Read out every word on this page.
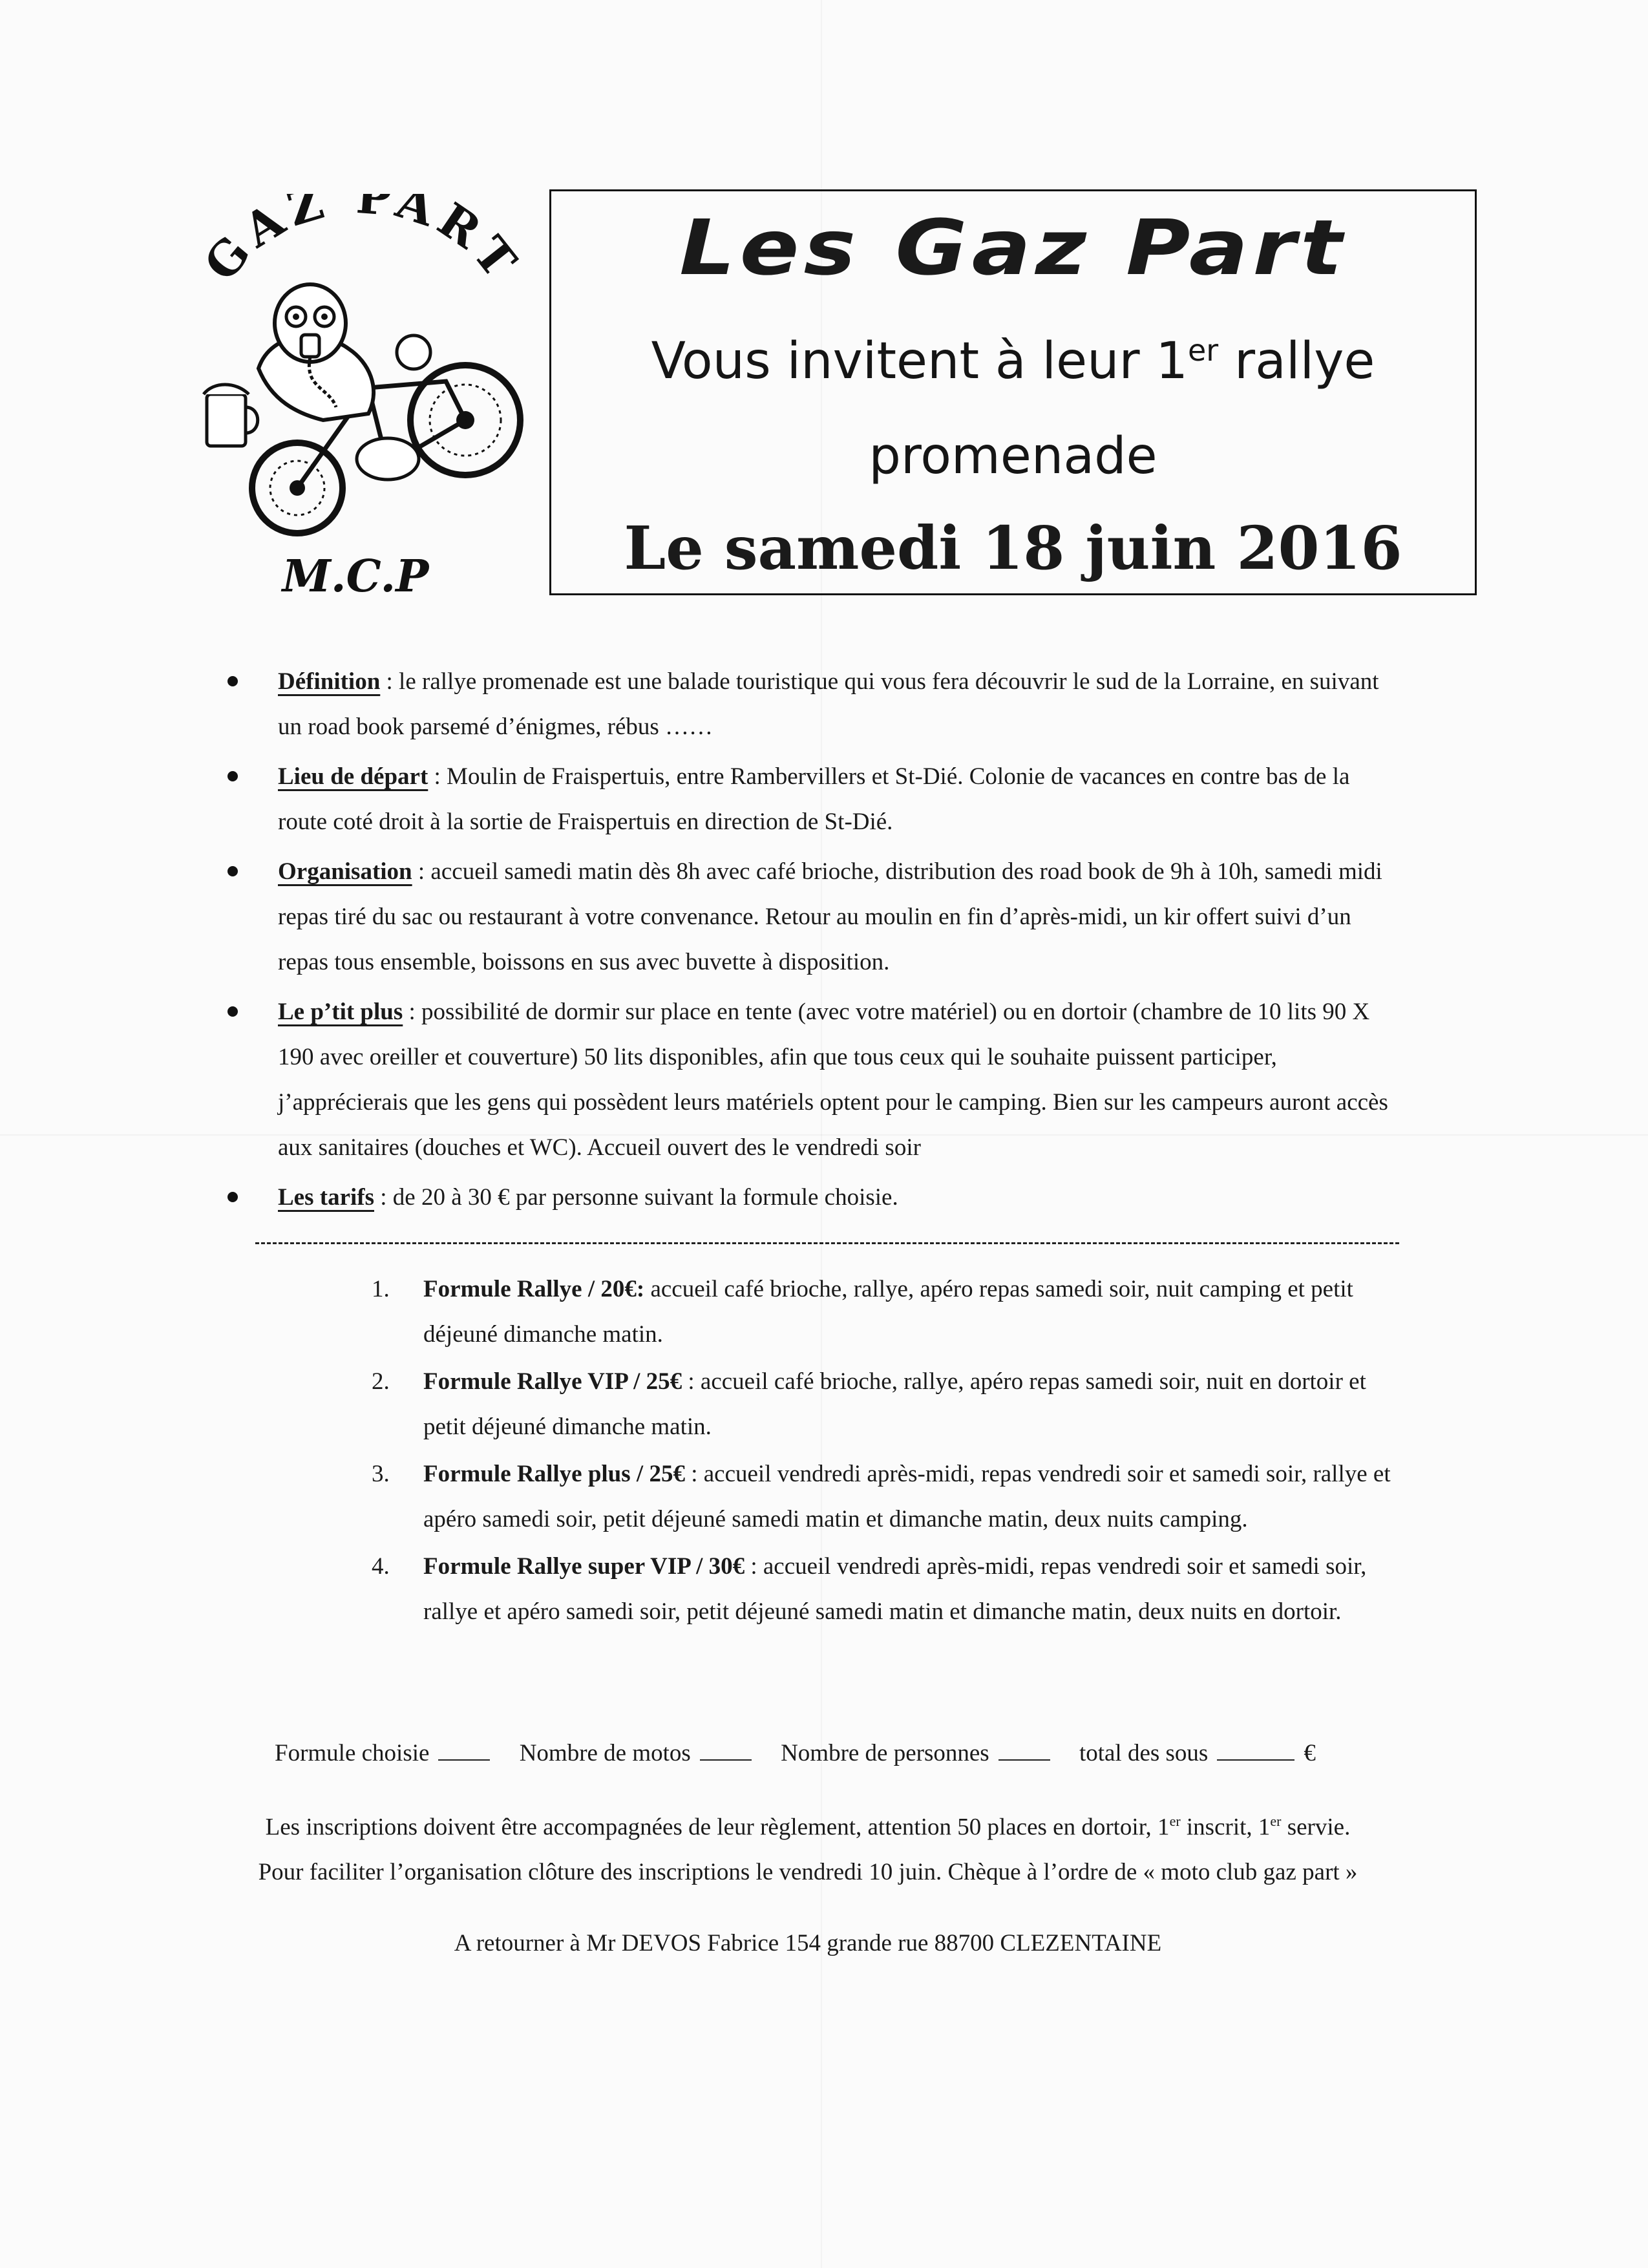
GAZ PART
M.C.P
Les Gaz Part
Vous invitent à leur 1er rallye
promenade
Le samedi 18 juin 2016
Définition : le rallye promenade est une balade touristique qui vous fera découvrir le sud de la Lorraine, en suivant un road book parsemé d’énigmes, rébus ……
Lieu de départ : Moulin de Fraispertuis, entre Rambervillers et St-Dié. Colonie de vacances en contre bas de la route coté droit à la sortie de Fraispertuis en direction de St-Dié.
Organisation : accueil samedi matin dès 8h avec café brioche, distribution des road book de 9h à 10h, samedi midi repas tiré du sac ou restaurant à votre convenance. Retour au moulin en fin d’après-midi, un kir offert suivi d’un repas tous ensemble, boissons en sus avec buvette à disposition.
Le p’tit plus : possibilité de dormir sur place en tente (avec votre matériel) ou en dortoir (chambre de 10 lits 90 X 190 avec oreiller et couverture) 50 lits disponibles, afin que tous ceux qui le souhaite puissent participer, j’apprécierais que les gens qui possèdent leurs matériels optent pour le camping. Bien sur les campeurs auront accès aux sanitaires (douches et WC). Accueil ouvert des le vendredi soir
Les tarifs : de 20 à 30 € par personne suivant la formule choisie.
1. Formule Rallye / 20€: accueil café brioche, rallye, apéro repas samedi soir, nuit camping et petit déjeuné dimanche matin.
2. Formule Rallye VIP / 25€ : accueil café brioche, rallye, apéro repas samedi soir, nuit en dortoir et petit déjeuné dimanche matin.
3. Formule Rallye plus / 25€ : accueil vendredi après-midi, repas vendredi soir et samedi soir, rallye et apéro samedi soir, petit déjeuné samedi matin et dimanche matin, deux nuits camping.
4. Formule Rallye super VIP / 30€ : accueil vendredi après-midi, repas vendredi soir et samedi soir, rallye et apéro samedi soir, petit déjeuné samedi matin et dimanche matin, deux nuits en dortoir.
Formule choisie	Nombre de motos	Nombre de personnes	total des sous	€
Les inscriptions doivent être accompagnées de leur règlement, attention 50 places en dortoir, 1er inscrit, 1er servie.
Pour faciliter l’organisation clôture des inscriptions le vendredi 10 juin. Chèque à l’ordre de « moto club gaz part »
A retourner à Mr DEVOS Fabrice 154 grande rue 88700 CLEZENTAINE
